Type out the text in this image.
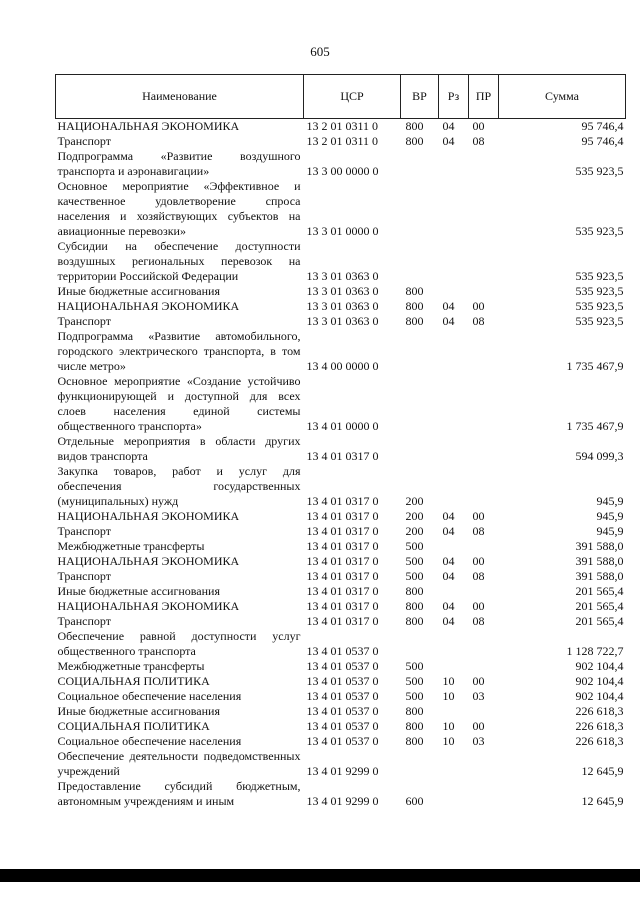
605
Наименование	ЦСР	ВР	Рз	ПР	Сумма
НАЦИОНАЛЬНАЯ ЭКОНОМИКА	13 2 01 0311 0	800	04	00	95 746,4
Транспорт	13 2 01 0311 0	800	04	08	95 746,4
Подпрограмма «Развитие воздушного транспорта и аэронавигации»	13 3 00 0000 0				535 923,5
Основное мероприятие «Эффективное и качественное удовлетворение спроса населения и хозяйствующих субъектов на авиационные перевозки»	13 3 01 0000 0				535 923,5
Субсидии на обеспечение доступности воздушных региональных перевозок на территории Российской Федерации	13 3 01 0363 0				535 923,5
Иные бюджетные ассигнования	13 3 01 0363 0	800			535 923,5
НАЦИОНАЛЬНАЯ ЭКОНОМИКА	13 3 01 0363 0	800	04	00	535 923,5
Транспорт	13 3 01 0363 0	800	04	08	535 923,5
Подпрограмма «Развитие автомобильного, городского электрического транспорта, в том числе метро»	13 4 00 0000 0				1 735 467,9
Основное мероприятие «Создание устойчиво функционирующей и доступной для всех слоев населения единой системы общественного транспорта»	13 4 01 0000 0				1 735 467,9
Отдельные мероприятия в области других видов транспорта	13 4 01 0317 0				594 099,3
Закупка товаров, работ и услуг для обеспечения государственных (муниципальных) нужд	13 4 01 0317 0	200			945,9
НАЦИОНАЛЬНАЯ ЭКОНОМИКА	13 4 01 0317 0	200	04	00	945,9
Транспорт	13 4 01 0317 0	200	04	08	945,9
Межбюджетные трансферты	13 4 01 0317 0	500			391 588,0
НАЦИОНАЛЬНАЯ ЭКОНОМИКА	13 4 01 0317 0	500	04	00	391 588,0
Транспорт	13 4 01 0317 0	500	04	08	391 588,0
Иные бюджетные ассигнования	13 4 01 0317 0	800			201 565,4
НАЦИОНАЛЬНАЯ ЭКОНОМИКА	13 4 01 0317 0	800	04	00	201 565,4
Транспорт	13 4 01 0317 0	800	04	08	201 565,4
Обеспечение равной доступности услуг общественного транспорта	13 4 01 0537 0				1 128 722,7
Межбюджетные трансферты	13 4 01 0537 0	500			902 104,4
СОЦИАЛЬНАЯ ПОЛИТИКА	13 4 01 0537 0	500	10	00	902 104,4
Социальное обеспечение населения	13 4 01 0537 0	500	10	03	902 104,4
Иные бюджетные ассигнования	13 4 01 0537 0	800			226 618,3
СОЦИАЛЬНАЯ ПОЛИТИКА	13 4 01 0537 0	800	10	00	226 618,3
Социальное обеспечение населения	13 4 01 0537 0	800	10	03	226 618,3
Обеспечение деятельности подведомственных учреждений	13 4 01 9299 0				12 645,9
Предоставление субсидий бюджетным, автономным учреждениям и иным	13 4 01 9299 0	600			12 645,9
